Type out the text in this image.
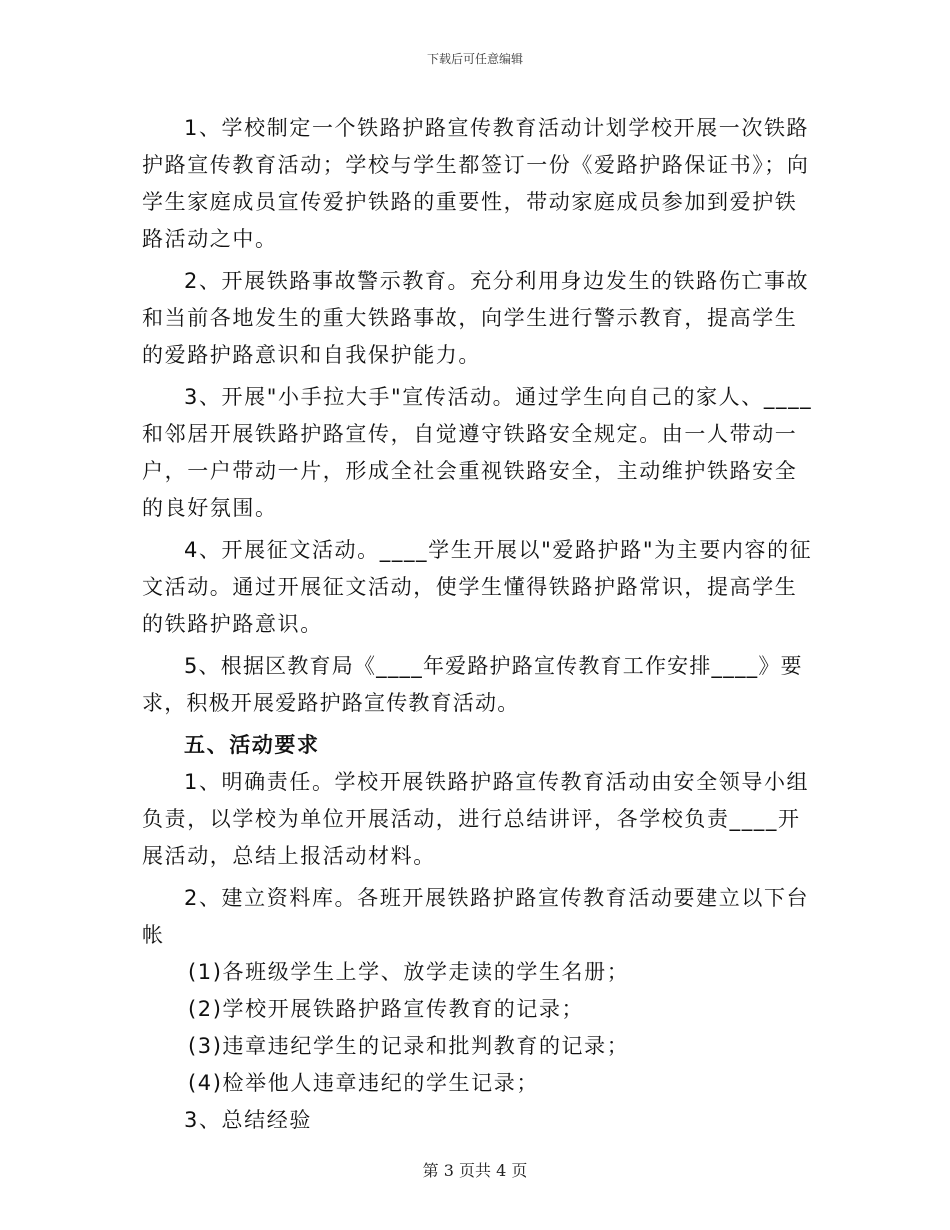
下载后可任意编辑

1、学校制定一个铁路护路宣传教育活动计划学校开展一次铁路护路宣传教育活动；学校与学生都签订一份《爱路护路保证书》；向学生家庭成员宣传爱护铁路的重要性，带动家庭成员参加到爱护铁路活动之中。

2、开展铁路事故警示教育。充分利用身边发生的铁路伤亡事故和当前各地发生的重大铁路事故，向学生进行警示教育，提高学生的爱路护路意识和自我保护能力。

3、开展"小手拉大手"宣传活动。通过学生向自己的家人、____和邻居开展铁路护路宣传，自觉遵守铁路安全规定。由一人带动一户，一户带动一片，形成全社会重视铁路安全，主动维护铁路安全的良好氛围。

4、开展征文活动。____学生开展以"爱路护路"为主要内容的征文活动。通过开展征文活动，使学生懂得铁路护路常识，提高学生的铁路护路意识。

5、根据区教育局《____年爱路护路宣传教育工作安排____》要求，积极开展爱路护路宣传教育活动。

五、活动要求

1、明确责任。学校开展铁路护路宣传教育活动由安全领导小组负责，以学校为单位开展活动，进行总结讲评，各学校负责____开展活动，总结上报活动材料。

2、建立资料库。各班开展铁路护路宣传教育活动要建立以下台帐

(1)各班级学生上学、放学走读的学生名册；

(2)学校开展铁路护路宣传教育的记录；

(3)违章违纪学生的记录和批判教育的记录；

(4)检举他人违章违纪的学生记录；

3、总结经验

第 3 页共 4 页
